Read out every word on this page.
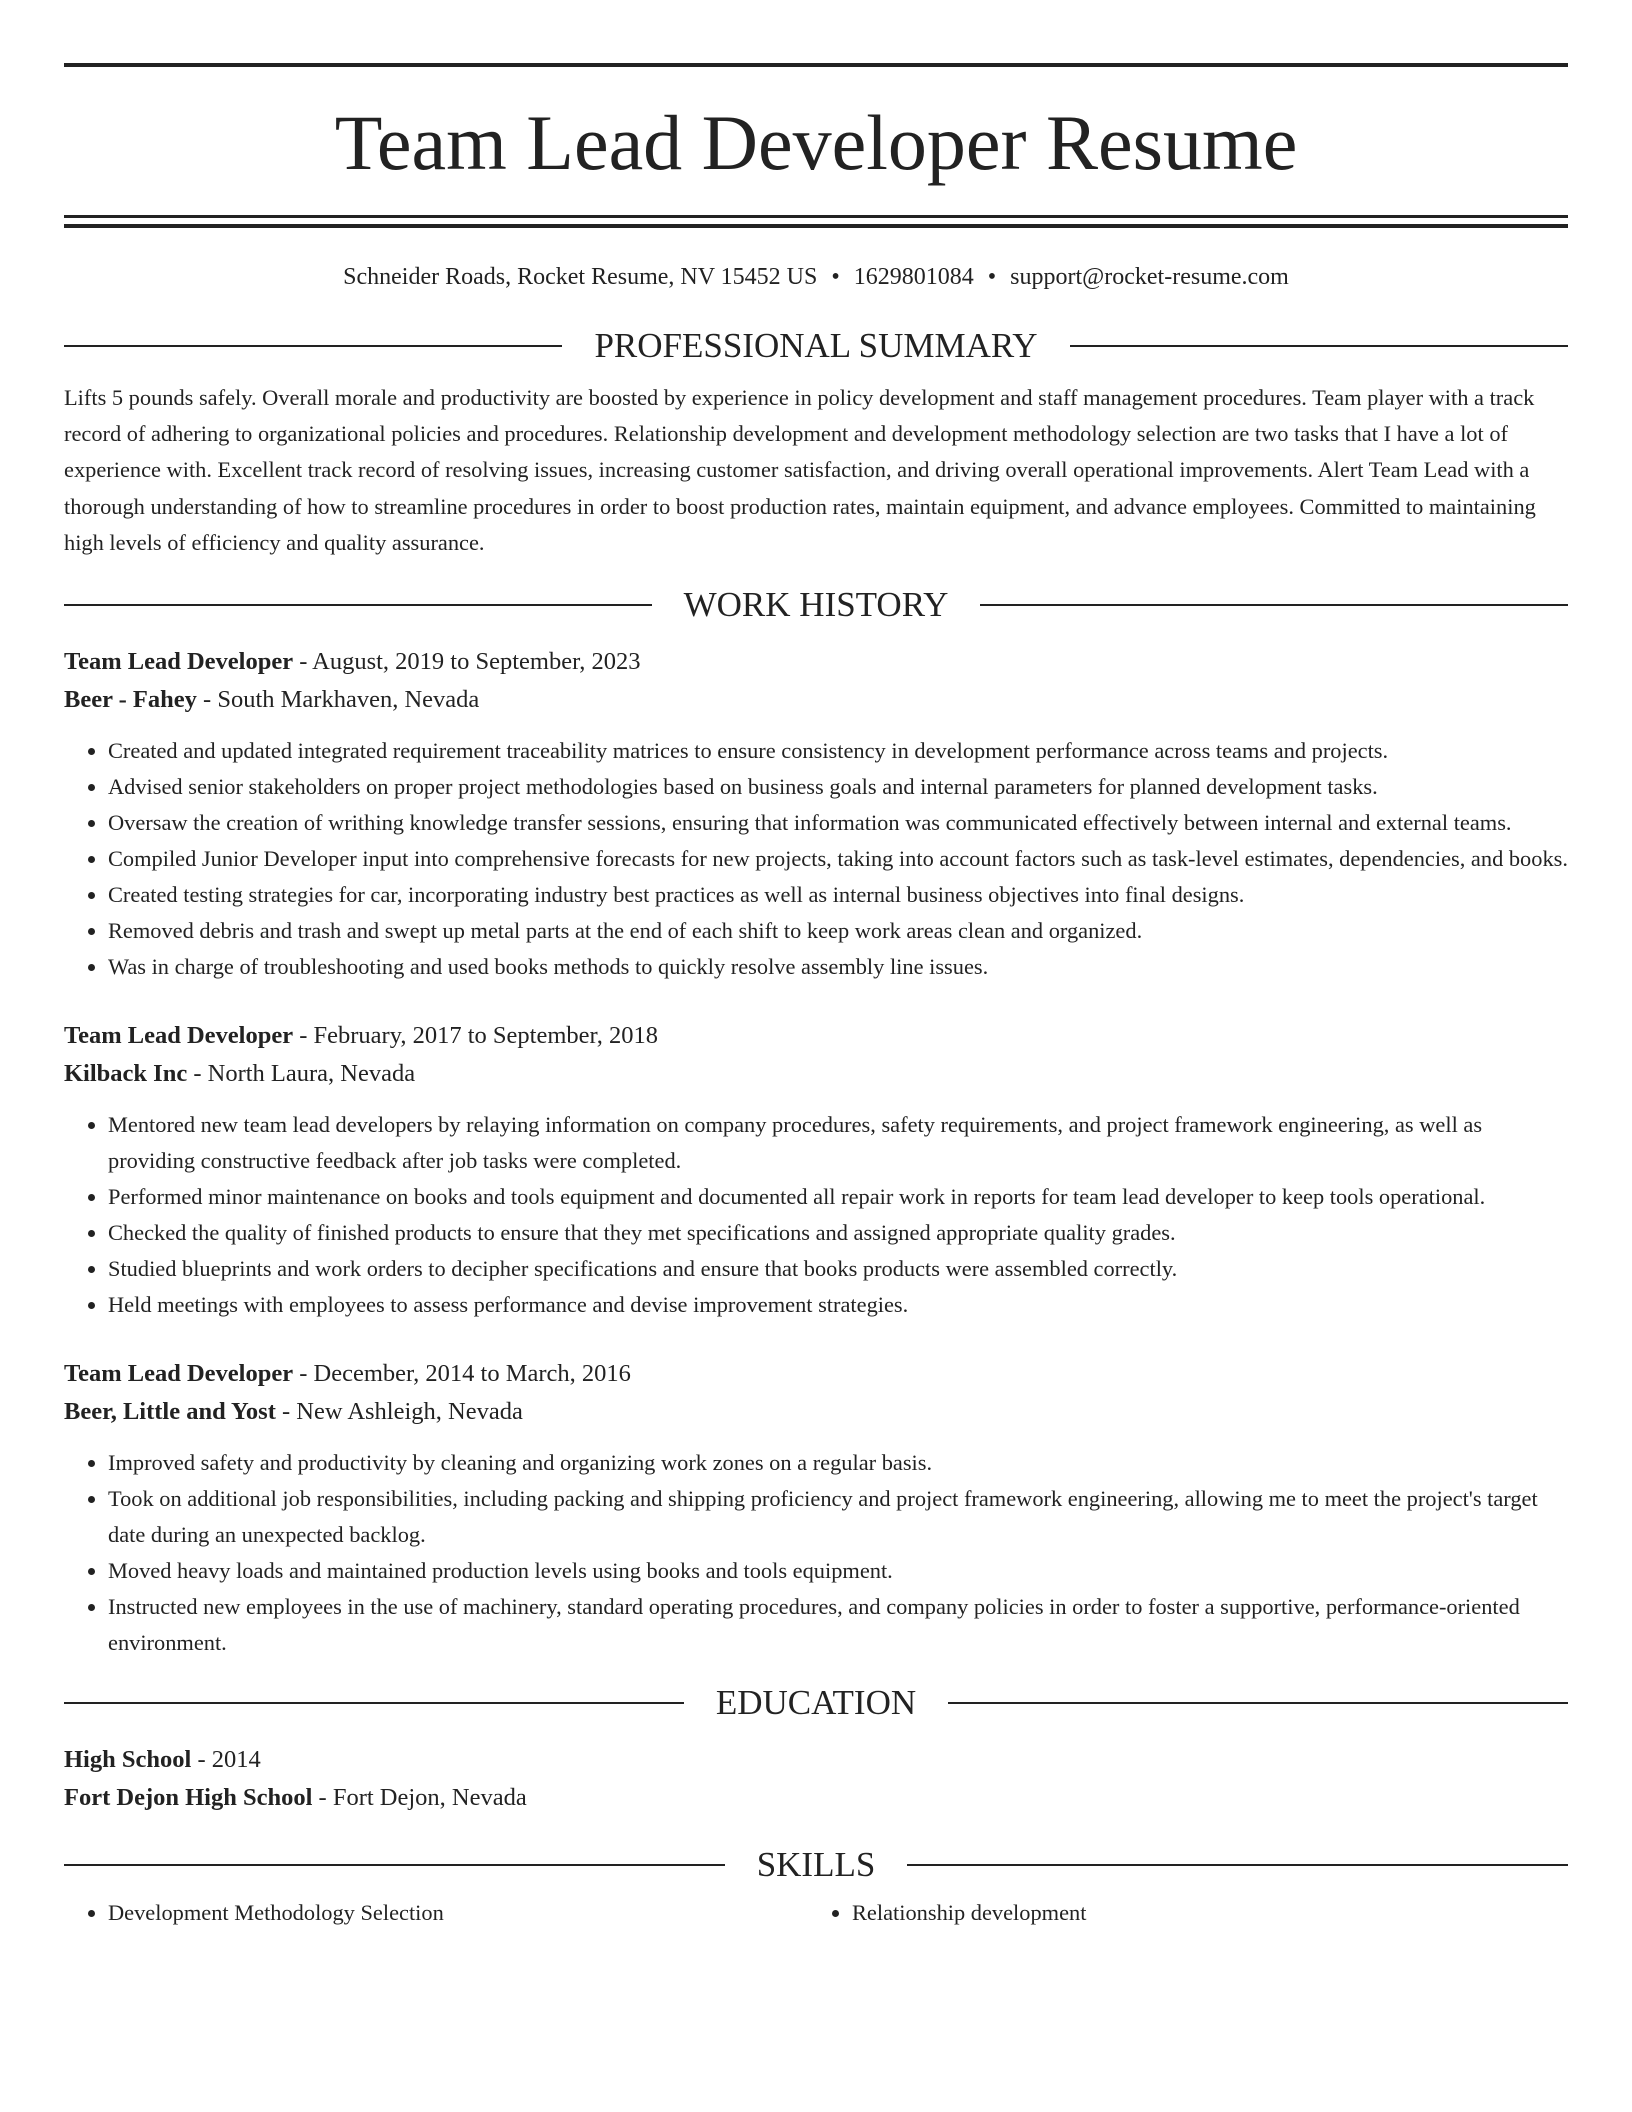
Team Lead Developer Resume
Schneider Roads, Rocket Resume, NV 15452 US • 1629801084 • support@rocket-resume.com
PROFESSIONAL SUMMARY

Lifts 5 pounds safely. Overall morale and productivity are boosted by experience in policy development and staff management procedures. Team player with a track record of adhering to organizational policies and procedures. Relationship development and development methodology selection are two tasks that I have a lot of experience with. Excellent track record of resolving issues, increasing customer satisfaction, and driving overall operational improvements. Alert Team Lead with a thorough understanding of how to streamline procedures in order to boost production rates, maintain equipment, and advance employees. Committed to maintaining high levels of efficiency and quality assurance.

WORK HISTORY
Team Lead Developer - August, 2019 to September, 2023
Beer - Fahey - South Markhaven, Nevada
• Created and updated integrated requirement traceability matrices to ensure consistency in development performance across teams and projects.
• Advised senior stakeholders on proper project methodologies based on business goals and internal parameters for planned development tasks.
• Oversaw the creation of writhing knowledge transfer sessions, ensuring that information was communicated effectively between internal and external teams.
• Compiled Junior Developer input into comprehensive forecasts for new projects, taking into account factors such as task-level estimates, dependencies, and books.
• Created testing strategies for car, incorporating industry best practices as well as internal business objectives into final designs.
• Removed debris and trash and swept up metal parts at the end of each shift to keep work areas clean and organized.
• Was in charge of troubleshooting and used books methods to quickly resolve assembly line issues.
Team Lead Developer - February, 2017 to September, 2018
Kilback Inc - North Laura, Nevada
• Mentored new team lead developers by relaying information on company procedures, safety requirements, and project framework engineering, as well as providing constructive feedback after job tasks were completed.
• Performed minor maintenance on books and tools equipment and documented all repair work in reports for team lead developer to keep tools operational.
• Checked the quality of finished products to ensure that they met specifications and assigned appropriate quality grades.
• Studied blueprints and work orders to decipher specifications and ensure that books products were assembled correctly.
• Held meetings with employees to assess performance and devise improvement strategies.
Team Lead Developer - December, 2014 to March, 2016
Beer, Little and Yost - New Ashleigh, Nevada
• Improved safety and productivity by cleaning and organizing work zones on a regular basis.
• Took on additional job responsibilities, including packing and shipping proficiency and project framework engineering, allowing me to meet the project's target date during an unexpected backlog.
• Moved heavy loads and maintained production levels using books and tools equipment.
• Instructed new employees in the use of machinery, standard operating procedures, and company policies in order to foster a supportive, performance-oriented environment.
EDUCATION
High School - 2014
Fort Dejon High School - Fort Dejon, Nevada
SKILLS
• Development Methodology Selection
•	Relationship development
